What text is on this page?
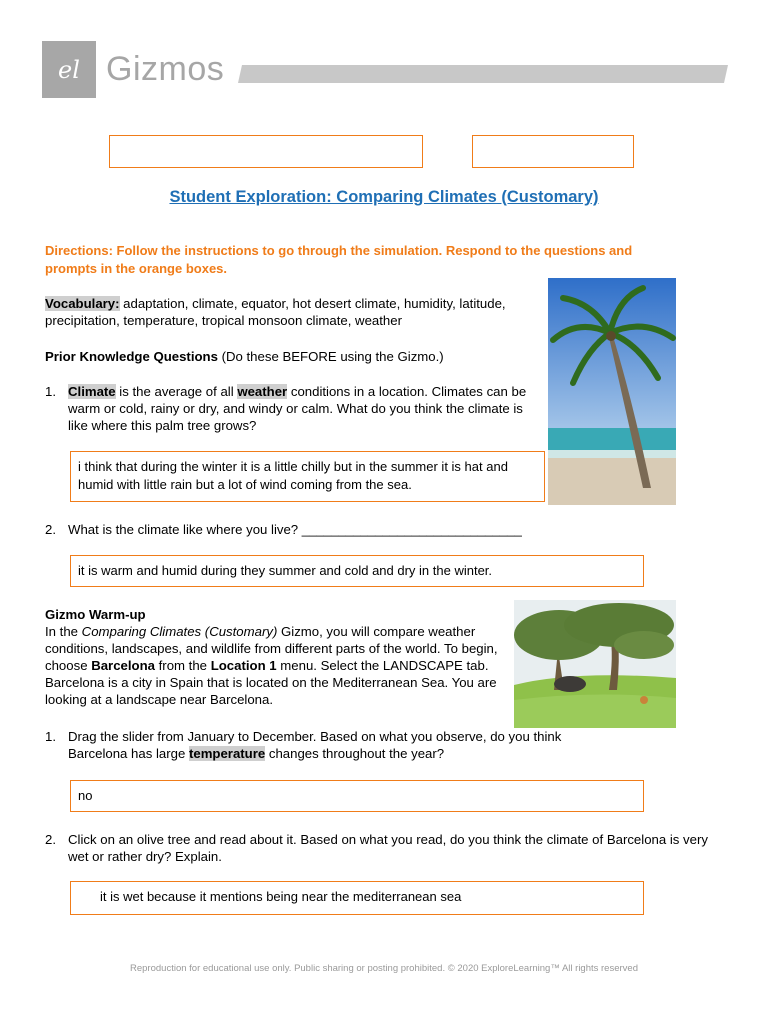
el Gizmos
Student Exploration: Comparing Climates (Customary)
Directions: Follow the instructions to go through the simulation. Respond to the questions and prompts in the orange boxes.
Vocabulary: adaptation, climate, equator, hot desert climate, humidity, latitude, precipitation, temperature, tropical monsoon climate, weather
Prior Knowledge Questions (Do these BEFORE using the Gizmo.)
1. Climate is the average of all weather conditions in a location. Climates can be warm or cold, rainy or dry, and windy or calm. What do you think the climate is like where this palm tree grows?
i think that during the winter it is a little chilly but in the summer it is hat and humid with little rain but a lot of wind coming from the sea.
2. What is the climate like where you live? ______________________________
it is warm and humid during they summer and cold and dry in the winter.
Gizmo Warm-up
In the Comparing Climates (Customary) Gizmo, you will compare weather conditions, landscapes, and wildlife from different parts of the world. To begin, choose Barcelona from the Location 1 menu. Select the LANDSCAPE tab. Barcelona is a city in Spain that is located on the Mediterranean Sea. You are looking at a landscape near Barcelona.
1. Drag the slider from January to December. Based on what you observe, do you think Barcelona has large temperature changes throughout the year?
no
2. Click on an olive tree and read about it. Based on what you read, do you think the climate of Barcelona is very wet or rather dry? Explain.
it is wet because it mentions being near the mediterranean sea
Reproduction for educational use only. Public sharing or posting prohibited. © 2020 ExploreLearning™ All rights reserved
